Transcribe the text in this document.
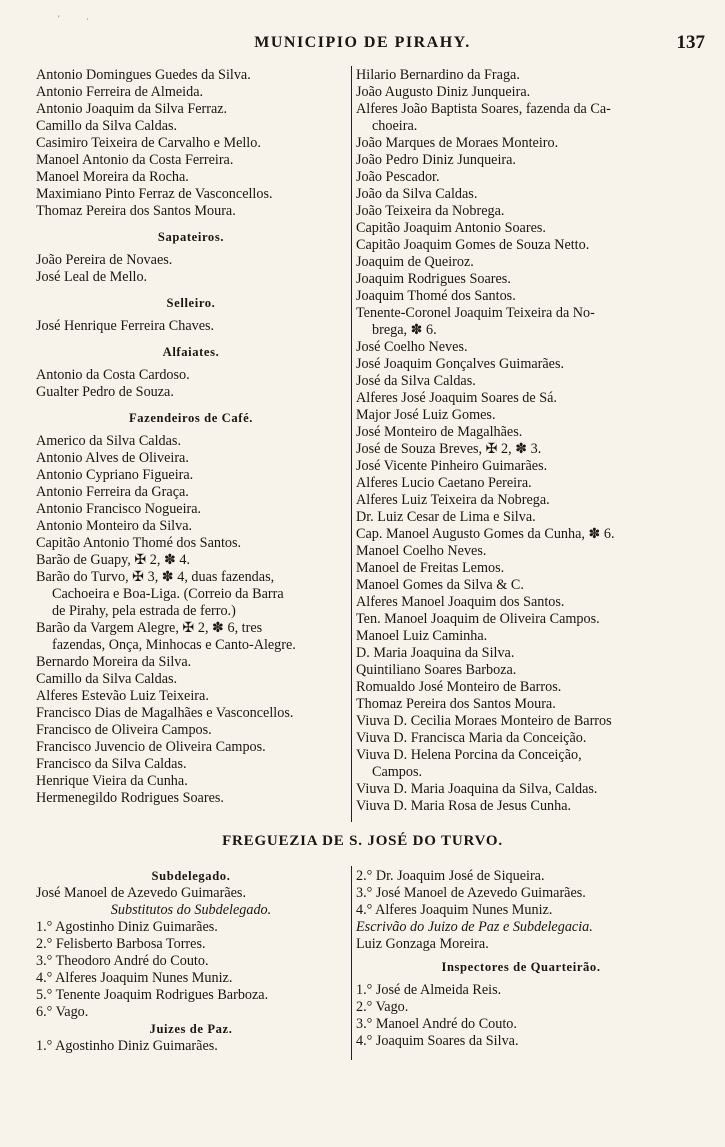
' ·
MUNICIPIO DE PIRAHY.	137
Antonio Domingues Guedes da Silva.
Antonio Ferreira de Almeida.
Antonio Joaquim da Silva Ferraz.
Camillo da Silva Caldas.
Casimiro Teixeira de Carvalho e Mello.
Manoel Antonio da Costa Ferreira.
Manoel Moreira da Rocha.
Maximiano Pinto Ferraz de Vasconcellos.
Thomaz Pereira dos Santos Moura.
Sapateiros.
João Pereira de Novaes.
José Leal de Mello.
Selleiro.
José Henrique Ferreira Chaves.
Alfaiates.
Antonio da Costa Cardoso.
Gualter Pedro de Souza.
Fazendeiros de Café.
Americo da Silva Caldas.
Antonio Alves de Oliveira.
Antonio Cypriano Figueira.
Antonio Ferreira da Graça.
Antonio Francisco Nogueira.
Antonio Monteiro da Silva.
Capitão Antonio Thomé dos Santos.
Barão de Guapy, ✠ 2, ✽ 4.
Barão do Turvo, ✠ 3, ✽ 4, duas fazendas,
Cachoeira e Boa-Liga. (Correio da Barra
de Pirahy, pela estrada de ferro.)
Barão da Vargem Alegre, ✠ 2, ✽ 6, tres
fazendas, Onça, Minhocas e Canto-Alegre.
Bernardo Moreira da Silva.
Camillo da Silva Caldas.
Alferes Estevão Luiz Teixeira.
Francisco Dias de Magalhães e Vasconcellos.
Francisco de Oliveira Campos.
Francisco Juvencio de Oliveira Campos.
Francisco da Silva Caldas.
Henrique Vieira da Cunha.
Hermenegildo Rodrigues Soares.
Hilario Bernardino da Fraga.
João Augusto Diniz Junqueira.
Alferes João Baptista Soares, fazenda da Ca-
choeira.
João Marques de Moraes Monteiro.
João Pedro Diniz Junqueira.
João Pescador.
João da Silva Caldas.
João Teixeira da Nobrega.
Capitão Joaquim Antonio Soares.
Capitão Joaquim Gomes de Souza Netto.
Joaquim de Queiroz.
Joaquim Rodrigues Soares.
Joaquim Thomé dos Santos.
Tenente-Coronel Joaquim Teixeira da No-
brega, ✽ 6.
José Coelho Neves.
José Joaquim Gonçalves Guimarães.
José da Silva Caldas.
Alferes José Joaquim Soares de Sá.
Major José Luiz Gomes.
José Monteiro de Magalhães.
José de Souza Breves, ✠ 2, ✽ 3.
José Vicente Pinheiro Guimarães.
Alferes Lucio Caetano Pereira.
Alferes Luiz Teixeira da Nobrega.
Dr. Luiz Cesar de Lima e Silva.
Cap. Manoel Augusto Gomes da Cunha, ✽ 6.
Manoel Coelho Neves.
Manoel de Freitas Lemos.
Manoel Gomes da Silva & C.
Alferes Manoel Joaquim dos Santos.
Ten. Manoel Joaquim de Oliveira Campos.
Manoel Luiz Caminha.
D. Maria Joaquina da Silva.
Quintiliano Soares Barboza.
Romualdo José Monteiro de Barros.
Thomaz Pereira dos Santos Moura.
Viuva D. Cecilia Moraes Monteiro de Barros
Viuva D. Francisca Maria da Conceição.
Viuva D. Helena Porcina da Conceição,
Campos.
Viuva D. Maria Joaquina da Silva, Caldas.
Viuva D. Maria Rosa de Jesus Cunha.
FREGUEZIA DE S. JOSÉ DO TURVO.
Subdelegado.
José Manoel de Azevedo Guimarães.
Substitutos do Subdelegado.
1.° Agostinho Diniz Guimarães.
2.° Felisberto Barbosa Torres.
3.° Theodoro André do Couto.
4.° Alferes Joaquim Nunes Muniz.
5.° Tenente Joaquim Rodrigues Barboza.
6.° Vago.
Juizes de Paz.
1.° Agostinho Diniz Guimarães.
2.° Dr. Joaquim José de Siqueira.
3.° José Manoel de Azevedo Guimarães.
4.° Alferes Joaquim Nunes Muniz.
Escrivão do Juizo de Paz e Subdelegacia.
Luiz Gonzaga Moreira.
Inspectores de Quarteirão.
1.° José de Almeida Reis.
2.° Vago.
3.° Manoel André do Couto.
4.° Joaquim Soares da Silva.
